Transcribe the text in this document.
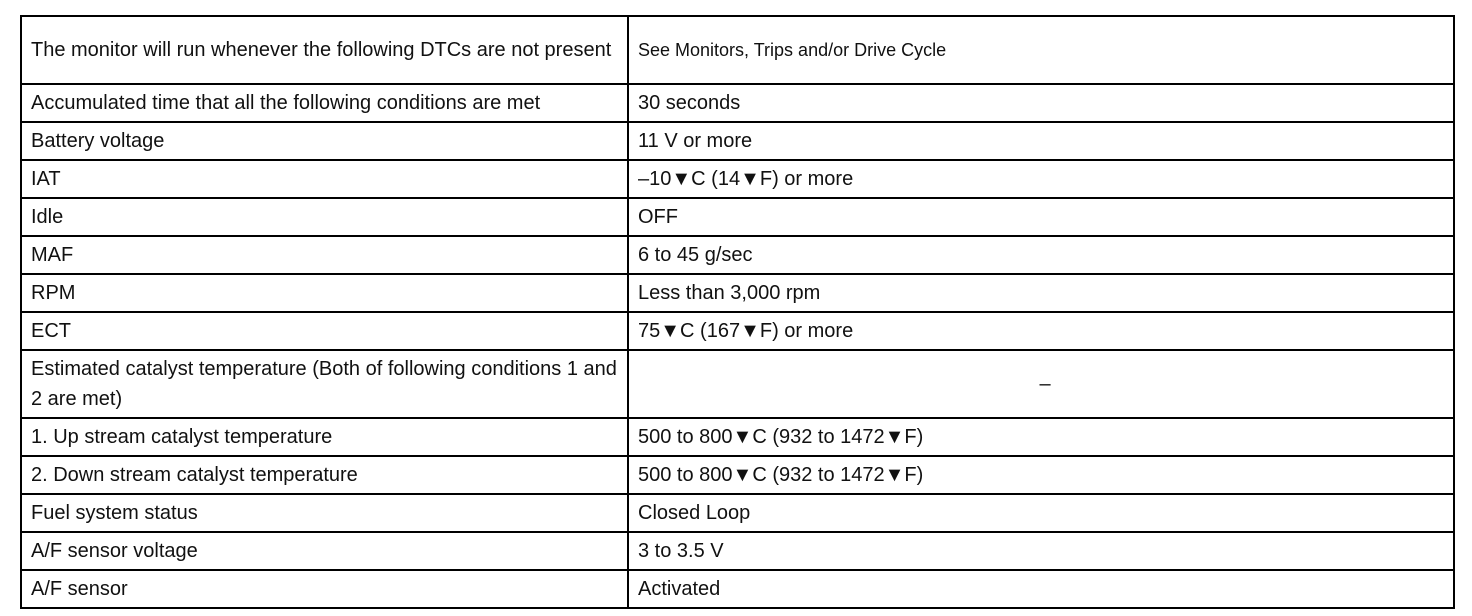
The monitor will run whenever the following DTCs are not present	See Monitors, Trips and/or Drive Cycle
Accumulated time that all the following conditions are met	30 seconds
Battery voltage	11 V or more
IAT	–10▼C (14▼F) or more
Idle	OFF
MAF	6 to 45 g/sec
RPM	Less than 3,000 rpm
ECT	75▼C (167▼F) or more
Estimated catalyst temperature (Both of following conditions 1 and 2 are met)	–
1. Up stream catalyst temperature	500 to 800▼C (932 to 1472▼F)
2. Down stream catalyst temperature	500 to 800▼C (932 to 1472▼F)
Fuel system status	Closed Loop
A/F sensor voltage	3 to 3.5 V
A/F sensor	Activated
